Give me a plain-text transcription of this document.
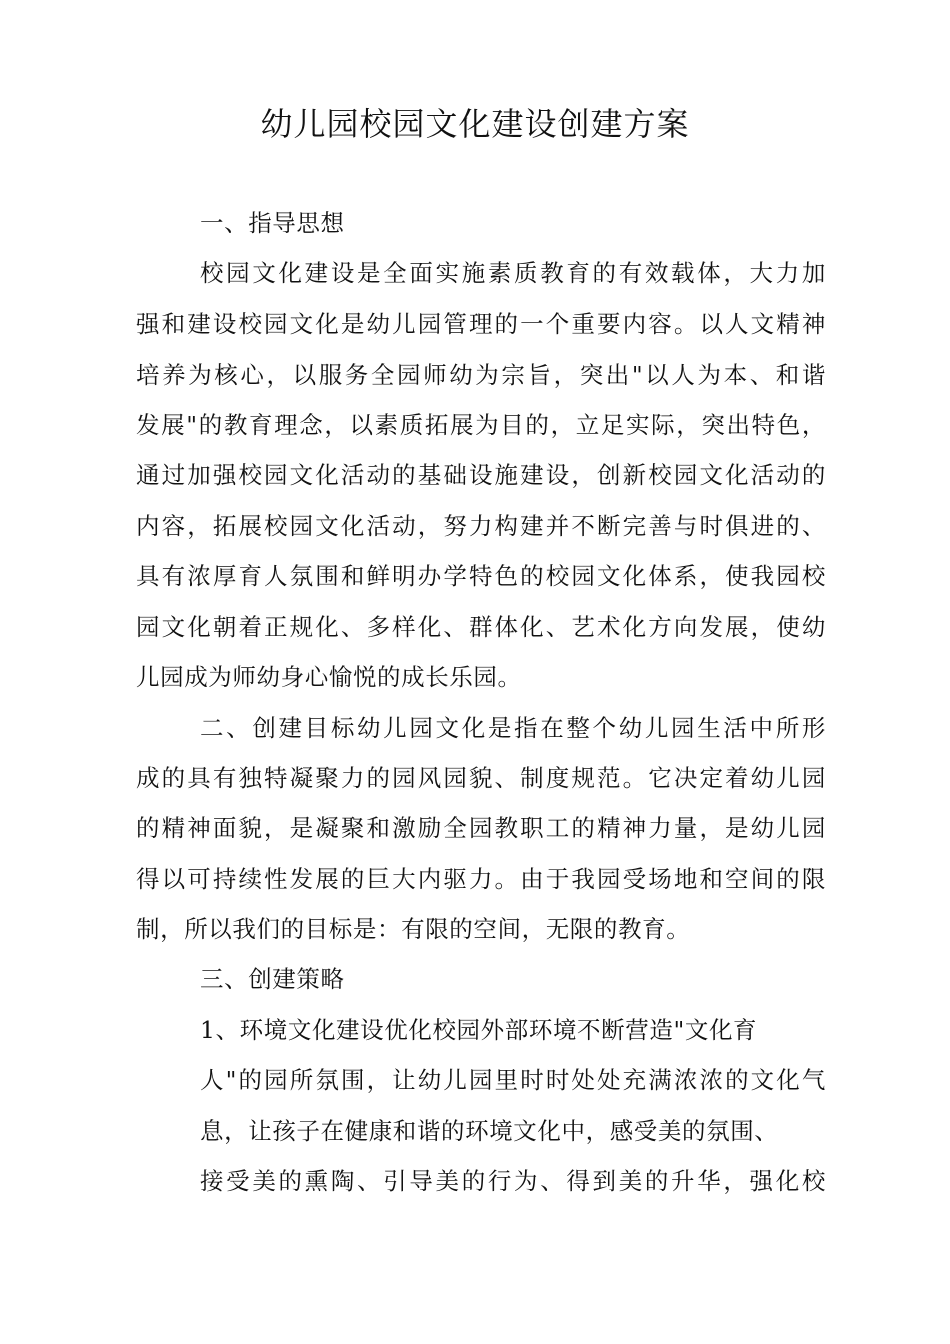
幼儿园校园文化建设创建方案
一、指导思想
校园文化建设是全面实施素质教育的有效载体，大力加
强和建设校园文化是幼儿园管理的一个重要内容。以人文精神
培养为核心，以服务全园师幼为宗旨，突出"以人为本、和谐
发展"的教育理念，以素质拓展为目的，立足实际，突出特色，
通过加强校园文化活动的基础设施建设，创新校园文化活动的
内容，拓展校园文化活动，努力构建并不断完善与时俱进的、
具有浓厚育人氛围和鲜明办学特色的校园文化体系，使我园校
园文化朝着正规化、多样化、群体化、艺术化方向发展，使幼
儿园成为师幼身心愉悦的成长乐园。
二、创建目标幼儿园文化是指在整个幼儿园生活中所形
成的具有独特凝聚力的园风园貌、制度规范。它决定着幼儿园
的精神面貌，是凝聚和激励全园教职工的精神力量，是幼儿园
得以可持续性发展的巨大内驱力。由于我园受场地和空间的限
制，所以我们的目标是：有限的空间，无限的教育。
三、创建策略
1、环境文化建设优化校园外部环境不断营造"文化育
人"的园所氛围，让幼儿园里时时处处充满浓浓的文化气
息，让孩子在健康和谐的环境文化中，感受美的氛围、
接受美的熏陶、引导美的行为、得到美的升华，强化校
